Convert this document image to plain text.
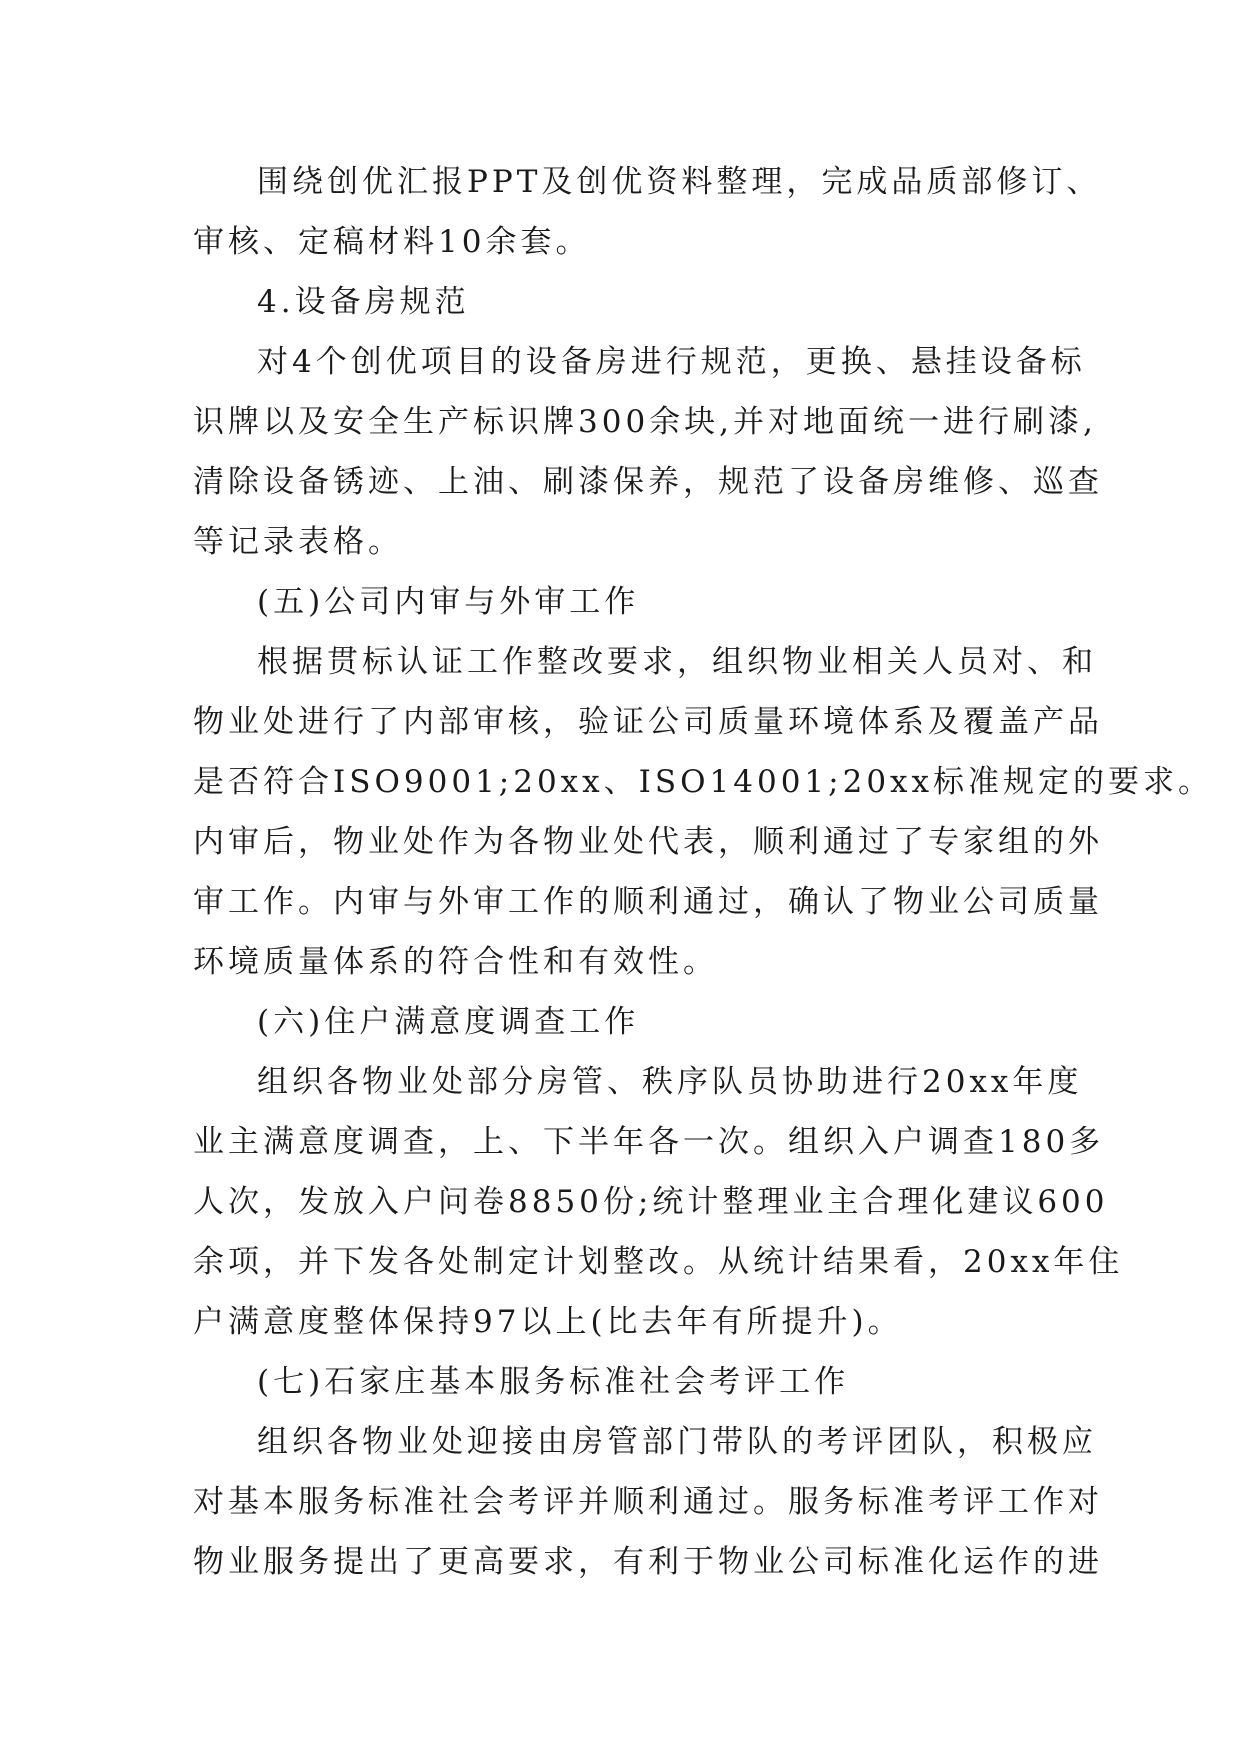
围绕创优汇报PPT及创优资料整理，完成品质部修订、
审核、定稿材料10余套。
4.设备房规范
对4个创优项目的设备房进行规范，更换、悬挂设备标
识牌以及安全生产标识牌300余块,并对地面统一进行刷漆,
清除设备锈迹、上油、刷漆保养，规范了设备房维修、巡查
等记录表格。
(五)公司内审与外审工作
根据贯标认证工作整改要求，组织物业相关人员对、和
物业处进行了内部审核，验证公司质量环境体系及覆盖产品
是否符合ISO9001;20xx、ISO14001;20xx标准规定的要求。
内审后，物业处作为各物业处代表，顺利通过了专家组的外
审工作。内审与外审工作的顺利通过，确认了物业公司质量
环境质量体系的符合性和有效性。
(六)住户满意度调查工作
组织各物业处部分房管、秩序队员协助进行20xx年度
业主满意度调查，上、下半年各一次。组织入户调查180多
人次，发放入户问卷8850份;统计整理业主合理化建议600
余项，并下发各处制定计划整改。从统计结果看，20xx年住
户满意度整体保持97以上(比去年有所提升)。
(七)石家庄基本服务标准社会考评工作
组织各物业处迎接由房管部门带队的考评团队，积极应
对基本服务标准社会考评并顺利通过。服务标准考评工作对
物业服务提出了更高要求，有利于物业公司标准化运作的进
